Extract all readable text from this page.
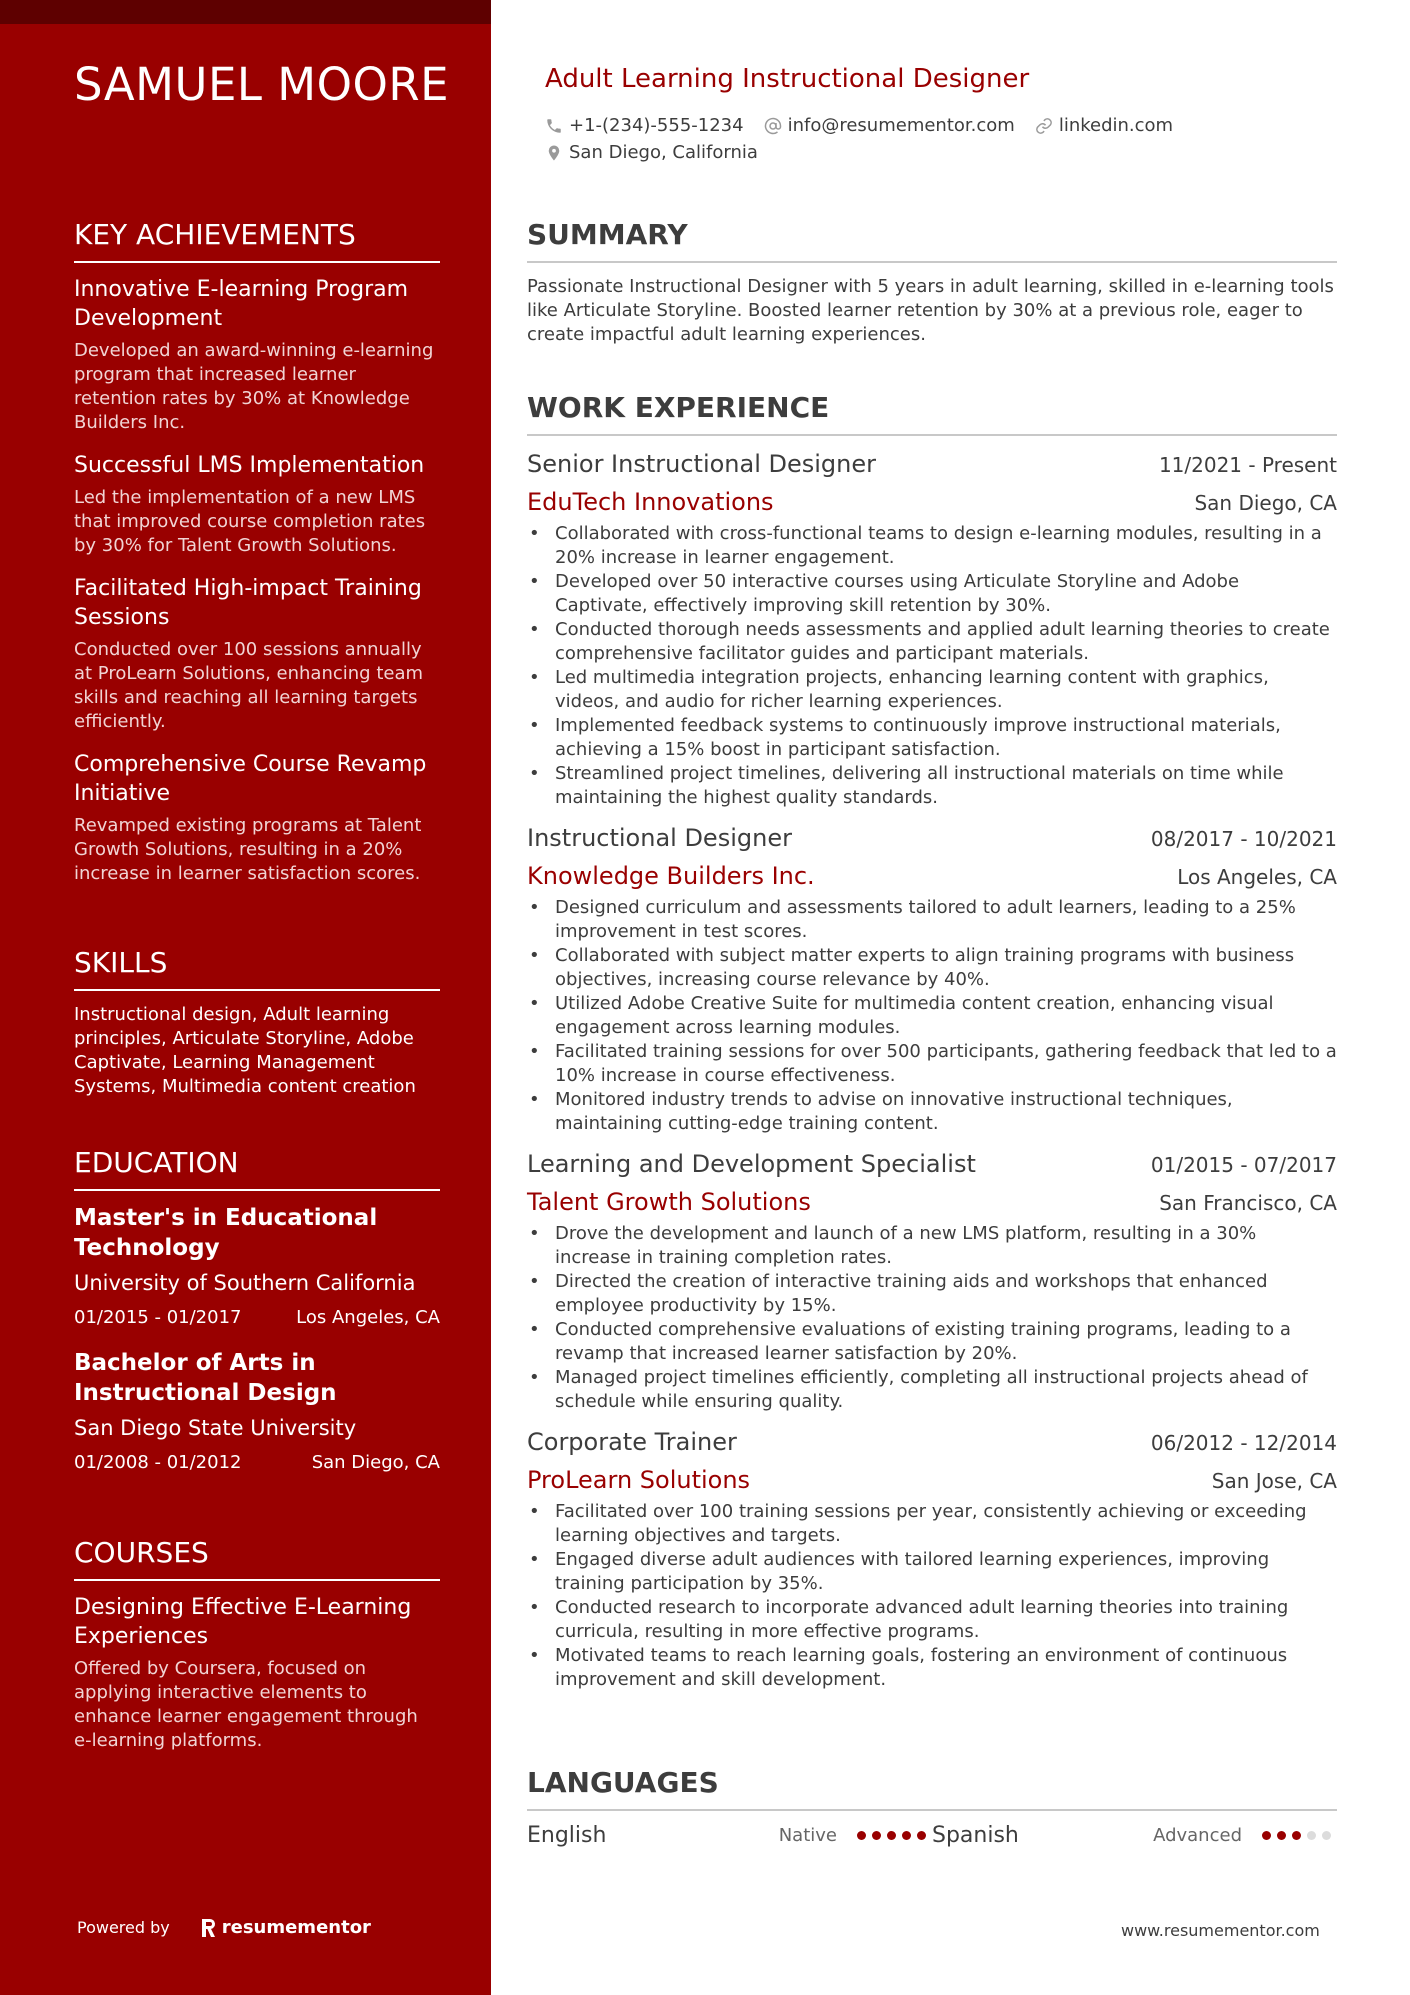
SAMUEL MOORE
KEY ACHIEVEMENTS
Innovative E-learning Program Development
Developed an award-winning e-learning program that increased learner retention rates by 30% at Knowledge Builders Inc.
Successful LMS Implementation
Led the implementation of a new LMS that improved course completion rates by 30% for Talent Growth Solutions.
Facilitated High-impact Training Sessions
Conducted over 100 sessions annually at ProLearn Solutions, enhancing team skills and reaching all learning targets efficiently.
Comprehensive Course Revamp Initiative
Revamped existing programs at Talent Growth Solutions, resulting in a 20% increase in learner satisfaction scores.
SKILLS

Instructional design, Adult learning principles, Articulate Storyline, Adobe Captivate, Learning Management Systems, Multimedia content creation

EDUCATION
Master's in Educational Technology
University of Southern California
01/2015 - 01/2017	Los Angeles, CA
Bachelor of Arts in Instructional Design
San Diego State University
01/2008 - 01/2012	San Diego, CA
COURSES
Designing Effective E-Learning Experiences
Offered by Coursera, focused on applying interactive elements to enhance learner engagement through e-learning platforms.
Powered by	resumementor
Adult Learning Instructional Designer
+1-(234)-555-1234 info@resumementor.com linkedin.com
San Diego, California
SUMMARY

Passionate Instructional Designer with 5 years in adult learning, skilled in e-learning tools like Articulate Storyline. Boosted learner retention by 30% at a previous role, eager to create impactful adult learning experiences.

WORK EXPERIENCE
Senior Instructional Designer	11/2021 - Present
EduTech Innovations	San Diego, CA
• Collaborated with cross-functional teams to design e-learning modules, resulting in a 20% increase in learner engagement.
• Developed over 50 interactive courses using Articulate Storyline and Adobe Captivate, effectively improving skill retention by 30%.
• Conducted thorough needs assessments and applied adult learning theories to create comprehensive facilitator guides and participant materials.
• Led multimedia integration projects, enhancing learning content with graphics, videos, and audio for richer learning experiences.
• Implemented feedback systems to continuously improve instructional materials, achieving a 15% boost in participant satisfaction.
• Streamlined project timelines, delivering all instructional materials on time while maintaining the highest quality standards.
Instructional Designer	08/2017 - 10/2021
Knowledge Builders Inc.	Los Angeles, CA
• Designed curriculum and assessments tailored to adult learners, leading to a 25% improvement in test scores.
• Collaborated with subject matter experts to align training programs with business objectives, increasing course relevance by 40%.
• Utilized Adobe Creative Suite for multimedia content creation, enhancing visual engagement across learning modules.
• Facilitated training sessions for over 500 participants, gathering feedback that led to a 10% increase in course effectiveness.
• Monitored industry trends to advise on innovative instructional techniques, maintaining cutting-edge training content.
Learning and Development Specialist	01/2015 - 07/2017
Talent Growth Solutions	San Francisco, CA
• Drove the development and launch of a new LMS platform, resulting in a 30% increase in training completion rates.
• Directed the creation of interactive training aids and workshops that enhanced employee productivity by 15%.
• Conducted comprehensive evaluations of existing training programs, leading to a revamp that increased learner satisfaction by 20%.
• Managed project timelines efficiently, completing all instructional projects ahead of schedule while ensuring quality.
Corporate Trainer	06/2012 - 12/2014
ProLearn Solutions	San Jose, CA
• Facilitated over 100 training sessions per year, consistently achieving or exceeding learning objectives and targets.
• Engaged diverse adult audiences with tailored learning experiences, improving training participation by 35%.
• Conducted research to incorporate advanced adult learning theories into training curricula, resulting in more effective programs.
• Motivated teams to reach learning goals, fostering an environment of continuous improvement and skill development.
LANGUAGES
English	Native	Spanish	Advanced
www.resumementor.com
